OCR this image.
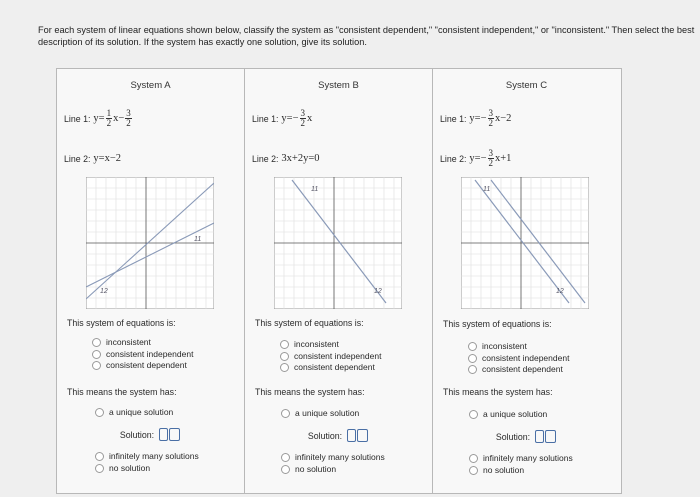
For each system of linear equations shown below, classify the system as "consistent dependent," "consistent independent," or "inconsistent." Then select the best description of its solution. If the system has exactly one solution, give its solution.
System A
Line 1: $y= \frac{1}{2} x- \frac{3}{2}$
Line 2: y=x−2
11
12
This system of equations is:
inconsistent
consistent independent
consistent dependent
This means the system has:
a unique solution
Solution:
infinitely many solutions
no solution
System B
Line 1: $y=- \frac{3}{2}$ x
Line 2: 3x+2y=0
11
12
This system of equations is:
inconsistent
consistent independent
consistent dependent
This means the system has:
a unique solution
Solution:
infinitely many solutions
no solution
System C
Line 1: $y=- \frac{3}{2} x-2$
Line 2: $y=- \frac{3}{2} x+1$
11
12
This system of equations is:
inconsistent
consistent independent
consistent dependent
This means the system has:
a unique solution
Solution:
infinitely many solutions
no solution
